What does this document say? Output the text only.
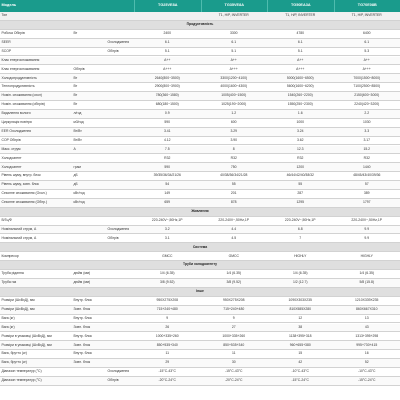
Модель	TG25VE8A	TG35VE8A	TG50EA3A	TG70E08B
Тип	T1, H/P, INVERTER	T1, H/P, INVERTER	T1, H/P, INVERTER
Продуктивність
Робоча Обігрів	Вт	2400	3300	4780	6400
SEER	Охолодження	6.1	6.1	6.1	6.1
SCOP	Обігрів	5.1	5.1	5.1	5.3
Клас енергоспоживання	A++	A++	A++	A++
Клас енергоспоживання	Обігрів	A+++	A+++	A+++	A+++
Холодопродуктивність	Вт	2640(800~3500)	3300(1200~4100)	5000(1600~6500)	7000(1500~8000)
Теплопродуктивність	Вт	2900(800~3900)	4000(1600~4300)	5600(1600~6200)	7100(2500~8500)
Номін. споживання (охол)	Вт	780(360~1580)	1005(400~1500)	1540(260~2200)	2150(600~3000)
Номін. споживання (обігрів)	Вт	680(180~1500)	1025(190~2000)	1550(250~2300)	2240(420~3200)
Видалення вологи	л/год	0.9	1.2	1.6	2.2
Циркуляція повітря	м3/год	590	600	1000	1030
EER Охолодження	Вт/Вт	3.41	3.29	3.24	3.3
COP Обігрів	Вт/Вт	4.12	3.90	3.62	3.17
Макс. струм	А	7.5	8	12.3	15.2
Холодоагент	R32	R32	R32	R32
Холодоагент	грам	590	750	1200	1440
Рівень шуму, внутр. блок	дБ	39/35/36/34/21/26	40/38/36/34/21/28	46/44/42/40/38/32	48/45/43/40/39/36
Рівень шуму, зовн. блок	дБ	54	55	55	57
Сезонне споживання (Охол.)	кВт/год	149	201	287	389
Сезонне споживання (Обігр.)	кВт/год	659	878	1295	1797
Живлення
В/Гц/Ф	220-240V~,50Hz,1P	220-240V~,50Hz,1P	220-240V~,50Hz,1P	220-240V~,50Hz,1P
Номінальний струм, А	Охолодження	3.2	4.4	6.8	9.9
Номінальний струм, А	Обігрів	3.1	4.5	7	9.9
Система
Компресор	GMCC	GMCC	HIGHLY	HIGHLY
Труби холодоагенту
Труба рідинна	дюйм (мм)	1/4 (6.35)	1/4 (6.35)	1/4 (6.35)	1/4 (6.35)
Труба газ	дюйм (мм)	3/8 (9.52)	3/8 (9.52)	1/2 (12.7)	5/8 (15.8)
Інше
Розміри (ШхВхД), мм	Внутр. блок	950X275X208	950X275X208	1090X303X235	1210X339X235
Розміри (ШхВхД), мм	Зовн. блок	715+240+480	715+240+480	810X585X280	860X667X310
Вага (кг)	Внутр. блок	9	9	12	13
Вага (кг)	Зовн. блок	26	27	38	43
Розміри в упаковці (ШхВхД), мм	Внутр. блок	1000+335+260	1000+335+260	1138+395+318	1313+395+298
Розміри в упаковці (ШхВхД), мм	Зовн. блок	850+535+340	850+535+340	960+655+380	995+730+415
Вага, брутто (кг)	Внутр. блок	11	11	15	16
Вага, брутто (кг)	Зовн. блок	29	30	42	52
Діапазон температур (°С)	Охолодження	-15°С-43°С	-15°С-43°С	-10°С-43°С	-10°С-43°С
Діапазон температур (°С)	Обігрів	-20°С-24°С	-20°С-24°С	-15°С-24°С	-15°С-24°С
